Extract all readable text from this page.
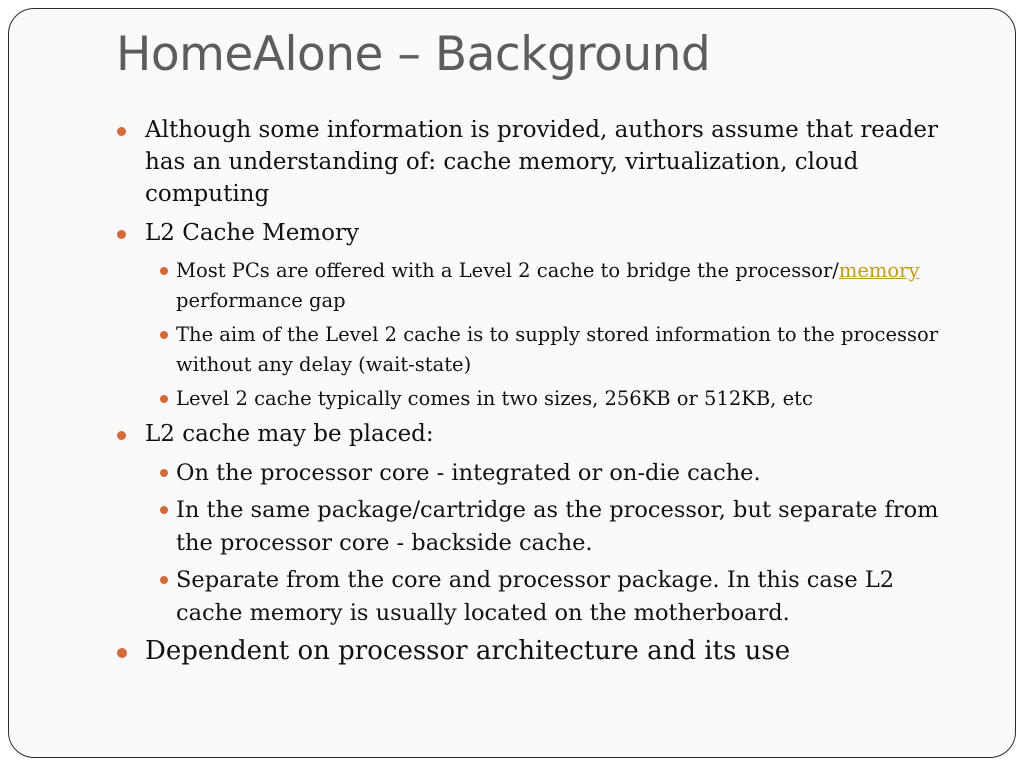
HomeAlone – Background

Although some information is provided, authors assume that reader has an understanding of: cache memory, virtualization, cloud computing

L2 Cache Memory

Most PCs are offered with a Level 2 cache to bridge the processor/memory performance gap

The aim of the Level 2 cache is to supply stored information to the processor without any delay (wait-state)

Level 2 cache typically comes in two sizes, 256KB or 512KB, etc

L2 cache may be placed:

On the processor core - integrated or on-die cache.

In the same package/cartridge as the processor, but separate from the processor core - backside cache.

Separate from the core and processor package. In this case L2 cache memory is usually located on the motherboard.

Dependent on processor architecture and its use
